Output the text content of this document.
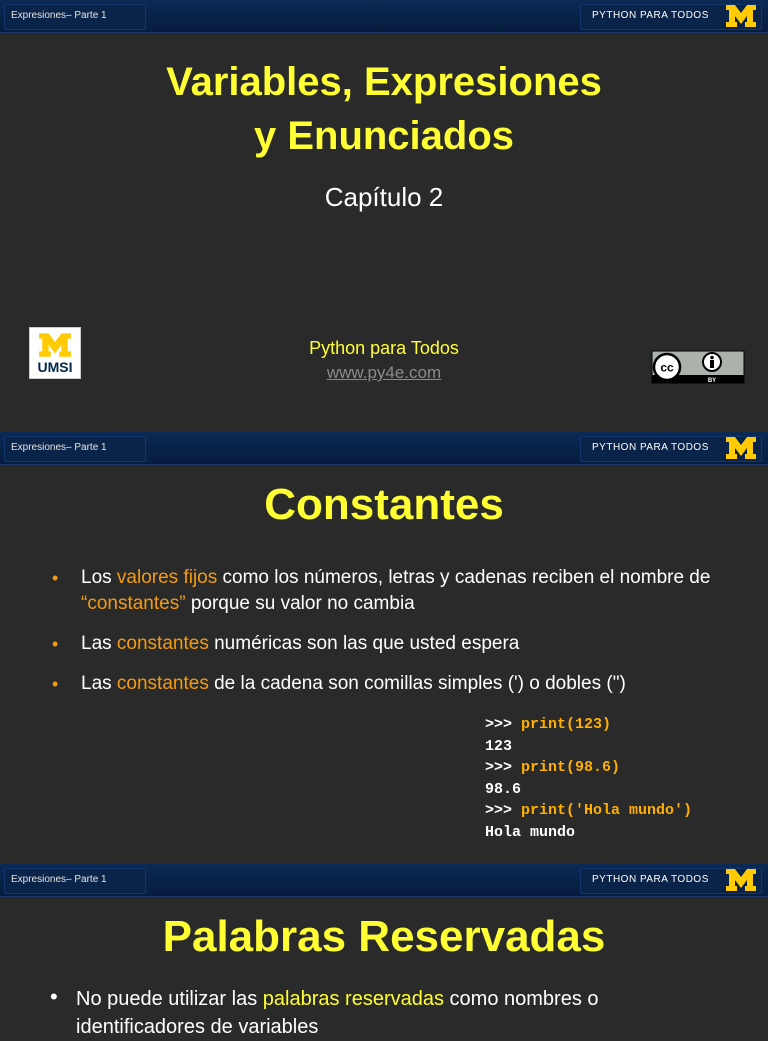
Expresiones– Parte 1	PYTHON PARA TODOS
Variables, Expresiones
y Enunciados
Capítulo 2
UMSI
Python para Todos
www.py4e.com	cc
BY
Expresiones– Parte 1	PYTHON PARA TODOS
Constantes
• Los valores fijos como los números, letras y cadenas reciben el nombre de “constantes” porque su valor no cambia
• Las constantes numéricas son las que usted espera
• Las constantes de la cadena son comillas simples (') o dobles (")
>>> print(123)
123
>>> print(98.6)
98.6
>>> print('Hola mundo')
Hola mundo
Expresiones– Parte 1	PYTHON PARA TODOS
Palabras Reservadas
• No puede utilizar las palabras reservadas como nombres o identificadores de variables
